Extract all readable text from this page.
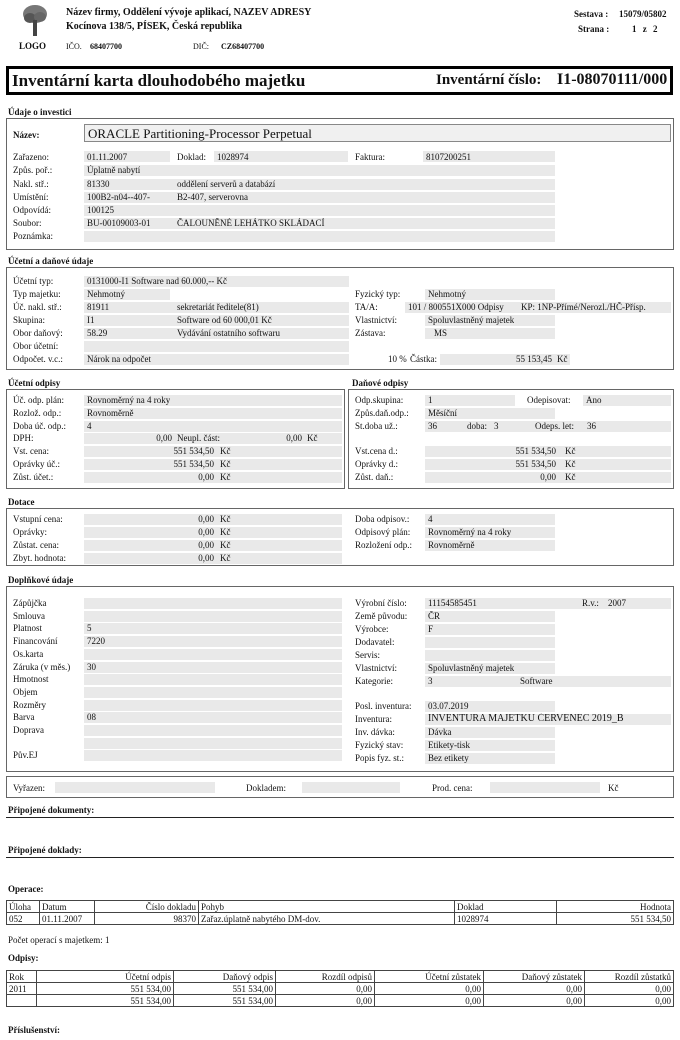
LOGO
Název firmy, Oddělení vývoje aplikací, NAZEV ADRESY
Kocínova 138/5, PÍSEK, Česká republika
IČO. 68407700	DIČ: CZ68407700
Sestava : 15079/05802
Strana :	1 z 2
Inventární karta dlouhodobého majetku	Inventární číslo: I1-08070111/000
Údaje o investici
Název:	ORACLE Partitioning-Processor Perpetual
Zařazeno:	01.11.2007	Doklad: 1028974	Faktura:	8107200251
Způs. poř.:	Úplatně nabytí
Nakl. stř.:	81330	oddělení serverů a databází
Umístění:	100B2-n04--407-	B2-407, serverovna
Odpovídá:	100125
Soubor:	BU-00109003-01	ČALOUNĚNÉ LEHÁTKO SKLÁDACÍ
Poznámka:
Účetní a daňové údaje
Účetní typ:	0131000-I1 Software nad 60.000,-- Kč
Typ majetku:	Nehmotný	Fyzický typ:	Nehmotný
Úč. nakl. stř.:	81911	sekretariát ředitele(81)	TA/A:	101 / 800551X000 Odpisy KP: 1NP-Přímé/Nerozl./HČ-Přísp.
Skupina:	I1	Software od 60 000,01 Kč	Vlastnictví:	Spoluvlastněný majetek
Obor daňový:	58.29	Vydávání ostatního softwaru	Zástava:	MS
Obor účetní:
Odpočet. v.c.:	Nárok na odpočet	10 % Částka:	55 153,45 Kč
Účetní odpisy	Daňové odpisy
Úč. odp. plán:	Rovnoměrný na 4 roky
Rozlož. odp.:	Rovnoměrně
Doba úč. odp.: 4
DPH:	0,00 Neupl. část:	0,00 Kč
Vst. cena:	551 534,50 Kč
Oprávky úč.:	551 534,50 Kč
Zůst. účet.:	0,00 Kč
Odp.skupina:	1	Odepisovat: Ano
Způs.daň.odp.: Měsíční
St.doba už.:	36	doba: 3	Odeps. let: 36
Vst.cena d.:	551 534,50 Kč
Oprávky d.:	551 534,50 Kč
Zůst. daň.:	0,00 Kč
Dotace
Vstupní cena:	0,00 Kč
Oprávky:	0,00 Kč
Zůstat. cena:	0,00 Kč
Zbyt. hodnota:	0,00 Kč
Doba odpisov.: 4
Odpisový plán: Rovnoměrný na 4 roky
Rozložení odp.: Rovnoměrně
Doplňkové údaje
Zápůjčka
Smlouva
Platnost	5
Financování	7220
Os.karta
Záruka (v měs.) 30
Hmotnost
Objem
Rozměry
Barva	08
Doprava
Pův.EJ
Výrobní číslo: 11154585451	R.v.: 2007
Země původu: ČR
Výrobce:	F
Dodavatel:
Servis:
Vlastnictví:	Spoluvlastněný majetek
Kategorie:	3	Software
Posl. inventura: 03.07.2019
Inventura:	INVENTURA MAJETKU ČERVENEC 2019_B
Inv. dávka:	Dávka
Fyzický stav:	Etikety-tisk
Popis fyz. st.:	Bez etikety
Vyřazen:	Dokladem:	Prod. cena:	Kč
Připojené dokumenty:
Připojené doklady:
Operace:
Úloha	Datum	Číslo dokladu	Pohyb	Doklad	Hodnota
052	01.11.2007	98370	Zařaz.úplatně nabytého DM-dov.	1028974	551 534,50
Počet operací s majetkem: 1
Odpisy:
Rok	Účetní odpis	Daňový odpis	Rozdíl odpisů	Účetní zůstatek	Daňový zůstatek	Rozdíl zůstatků
2011	551 534,00	551 534,00	0,00	0,00	0,00	0,00
	551 534,00	551 534,00	0,00	0,00	0,00	0,00
Příslušenství:
